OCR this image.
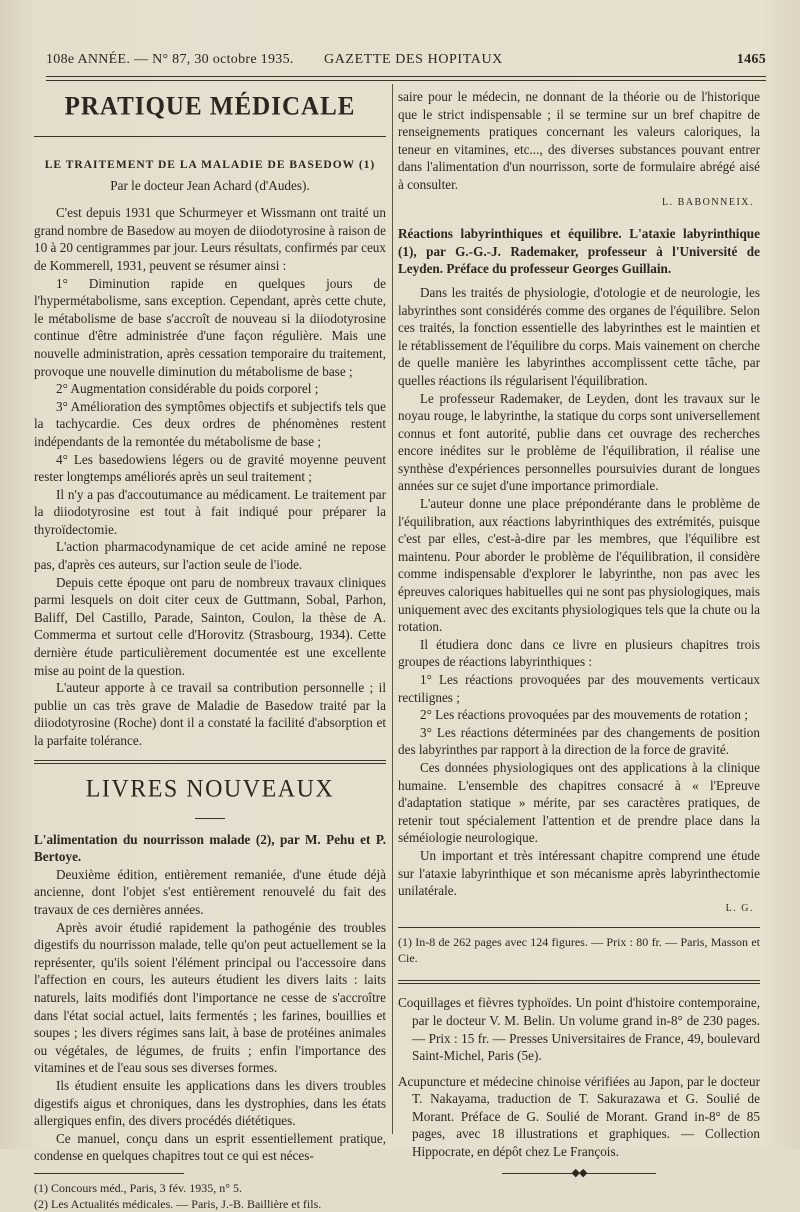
108e ANNÉE. — N° 87, 30 octobre 1935. GAZETTE DES HOPITAUX	1465
PRATIQUE MÉDICALE
LE TRAITEMENT DE LA MALADIE DE BASEDOW (1)
Par le docteur Jean Achard (d'Audes).

C'est depuis 1931 que Schurmeyer et Wissmann ont traité un grand nombre de Basedow au moyen de diiodotyrosine à raison de 10 à 20 centigrammes par jour. Leurs résultats, confirmés par ceux de Kommerell, 1931, peuvent se résumer ainsi :

1° Diminution rapide en quelques jours de l'hypermétabolisme, sans exception. Cependant, après cette chute, le métabolisme de base s'accroît de nouveau si la diiodotyrosine continue d'être administrée d'une façon régulière. Mais une nouvelle administration, après cessation temporaire du traitement, provoque une nouvelle diminution du métabolisme de base ;

2° Augmentation considérable du poids corporel ;

3° Amélioration des symptômes objectifs et subjectifs tels que la tachycardie. Ces deux ordres de phénomènes restent indépendants de la remontée du métabolisme de base ;

4° Les basedowiens légers ou de gravité moyenne peuvent rester longtemps améliorés après un seul traitement ;

Il n'y a pas d'accoutumance au médicament. Le traitement par la diiodotyrosine est tout à fait indiqué pour préparer la thyroïdectomie.

L'action pharmacodynamique de cet acide aminé ne repose pas, d'après ces auteurs, sur l'action seule de l'iode.

Depuis cette époque ont paru de nombreux travaux cliniques parmi lesquels on doit citer ceux de Guttmann, Sobal, Parhon, Baliff, Del Castillo, Parade, Sainton, Coulon, la thèse de A. Commerma et surtout celle d'Horovitz (Strasbourg, 1934). Cette dernière étude particulièrement documentée est une excellente mise au point de la question.

L'auteur apporte à ce travail sa contribution personnelle ; il publie un cas très grave de Maladie de Basedow traité par la diiodotyrosine (Roche) dont il a constaté la facilité d'absorption et la parfaite tolérance.

LIVRES NOUVEAUX

L'alimentation du nourrisson malade (2), par M. Pehu et P. Bertoye.

Deuxième édition, entièrement remaniée, d'une étude déjà ancienne, dont l'objet s'est entièrement renouvelé du fait des travaux de ces dernières années.

Après avoir étudié rapidement la pathogénie des troubles digestifs du nourrisson malade, telle qu'on peut actuellement se la représenter, qu'ils soient l'élément principal ou l'accessoire dans l'affection en cours, les auteurs étudient les divers laits : laits naturels, laits modifiés dont l'importance ne cesse de s'accroître dans l'état social actuel, laits fermentés ; les farines, bouillies et soupes ; les divers régimes sans lait, à base de protéines animales ou végétales, de légumes, de fruits ; enfin l'importance des vitamines et de l'eau sous ses diverses formes.

Ils étudient ensuite les applications dans les divers troubles digestifs aigus et chroniques, dans les dystrophies, dans les états allergiques enfin, des divers procédés diététiques.

Ce manuel, conçu dans un esprit essentiellement pratique, condense en quelques chapitres tout ce qui est néces-

(1) Concours méd., Paris, 3 fév. 1935, n° 5.

(2) Les Actualités médicales. — Paris, J.-B. Baillière et fils.

saire pour le médecin, ne donnant de la théorie ou de l'historique que le strict indispensable ; il se termine sur un bref chapitre de renseignements pratiques concernant les valeurs caloriques, la teneur en vitamines, etc..., des diverses substances pouvant entrer dans l'alimentation d'un nourrisson, sorte de formulaire abrégé aisé à consulter.

L. BABONNEIX.

Réactions labyrinthiques et équilibre. L'ataxie labyrinthique (1), par G.-G.-J. Rademaker, professeur à l'Université de Leyden. Préface du professeur Georges Guillain.

Dans les traités de physiologie, d'otologie et de neurologie, les labyrinthes sont considérés comme des organes de l'équilibre. Selon ces traités, la fonction essentielle des labyrinthes est le maintien et le rétablissement de l'équilibre du corps. Mais vainement on cherche de quelle manière les labyrinthes accomplissent cette tâche, par quelles réactions ils régularisent l'équilibration.

Le professeur Rademaker, de Leyden, dont les travaux sur le noyau rouge, le labyrinthe, la statique du corps sont universellement connus et font autorité, publie dans cet ouvrage des recherches encore inédites sur le problème de l'équilibration, il réalise une synthèse d'expériences personnelles poursuivies durant de longues années sur ce sujet d'une importance primordiale.

L'auteur donne une place prépondérante dans le problème de l'équilibration, aux réactions labyrinthiques des extrémités, puisque c'est par elles, c'est-à-dire par les membres, que l'équilibre est maintenu. Pour aborder le problème de l'équilibration, il considère comme indispensable d'explorer le labyrinthe, non pas avec les épreuves caloriques habituelles qui ne sont pas physiologiques, mais uniquement avec des excitants physiologiques tels que la chute ou la rotation.

Il étudiera donc dans ce livre en plusieurs chapitres trois groupes de réactions labyrinthiques :

1° Les réactions provoquées par des mouvements verticaux rectilignes ;

2° Les réactions provoquées par des mouvements de rotation ;

3° Les réactions déterminées par des changements de position des labyrinthes par rapport à la direction de la force de gravité.

Ces données physiologiques ont des applications à la clinique humaine. L'ensemble des chapitres consacré à « l'Epreuve d'adaptation statique » mérite, par ses caractères pratiques, de retenir tout spécialement l'attention et de prendre place dans la séméiologie neurologique.

Un important et très intéressant chapitre comprend une étude sur l'ataxie labyrinthique et son mécanisme après labyrinthectomie unilatérale.

L. G.

(1) In-8 de 262 pages avec 124 figures. — Prix : 80 fr. — Paris, Masson et Cie.

Coquillages et fièvres typhoïdes. Un point d'histoire contemporaine, par le docteur V. M. Belin. Un volume grand in-8° de 230 pages. — Prix : 15 fr. — Presses Universitaires de France, 49, boulevard Saint-Michel, Paris (5e).

Acupuncture et médecine chinoise vérifiées au Japon, par le docteur T. Nakayama, traduction de T. Sakurazawa et G. Soulié de Morant. Préface de G. Soulié de Morant. Grand in-8° de 85 pages, avec 18 illustrations et graphiques. — Collection Hippocrate, en dépôt chez Le François.

◆◆
